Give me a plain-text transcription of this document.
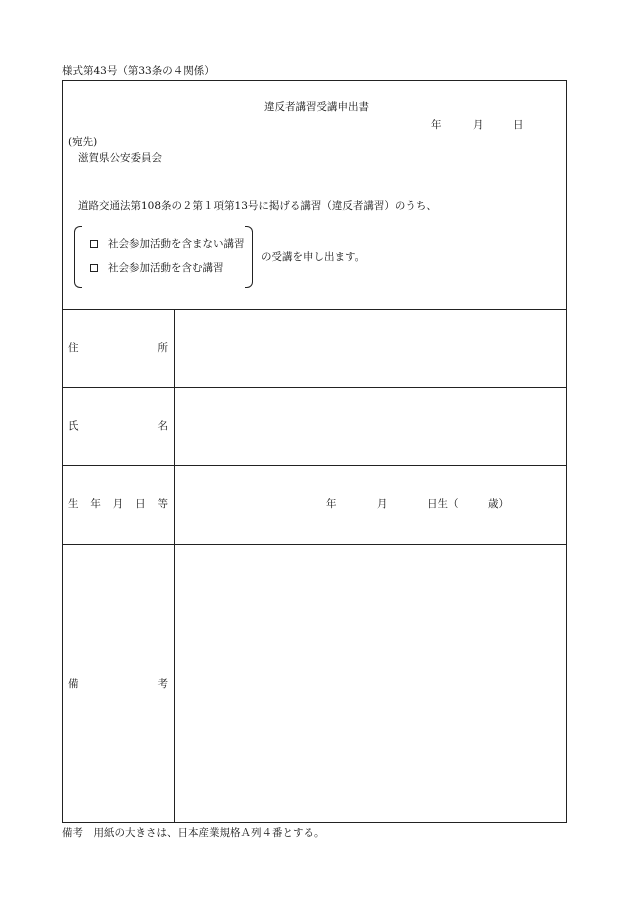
様式第43号（第33条の４関係）
違反者講習受講申出書
年	月	日
(宛先)
滋賀県公安委員会
道路交通法第108条の２第１項第13号に掲げる講習（違反者講習）のうち、
社会参加活動を含まない講習
社会参加活動を含む講習
の受講を申し出ます。
住	所
氏	名
生 年 月 日 等	年	月	日生（	歳）
備	考
備考　用紙の大きさは、日本産業規格Ａ列４番とする。
